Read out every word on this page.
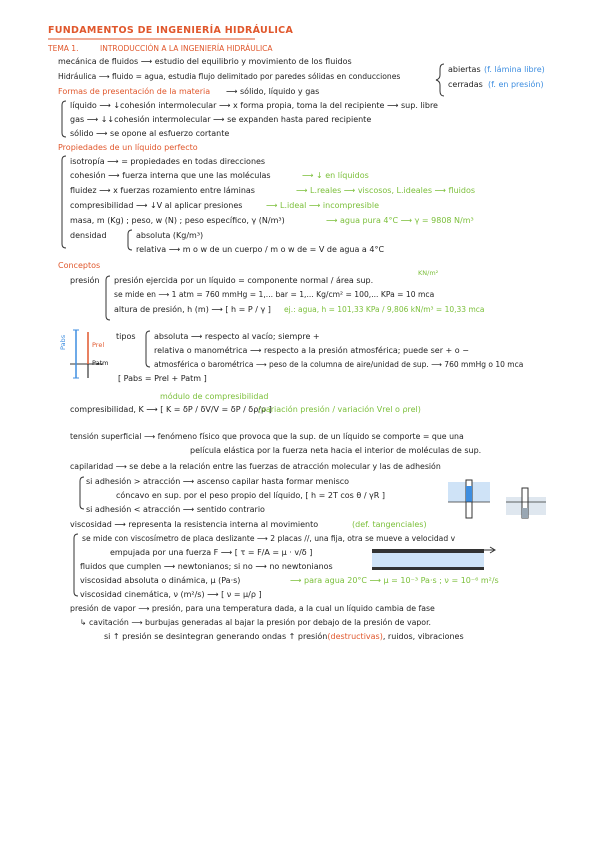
FUNDAMENTOS DE INGENIERÍA HIDRÁULICA
TEMA 1.	INTRODUCCIÓN A LA INGENIERÍA HIDRÁULICA
mecánica de fluidos ⟶ estudio del equilibrio y movimiento de los fluidos
Hidráulica ⟶ fluido = agua, estudia flujo delimitado por paredes sólidas en conducciones
abiertas (f. lámina libre)
cerradas (f. en presión)
Formas de presentación de la materia ⟶ sólido, líquido y gas
líquido ⟶ ↓cohesión intermolecular ⟶ x forma propia, toma la del recipiente ⟶ sup. libre
gas ⟶ ↓↓cohesión intermolecular ⟶ se expanden hasta pared recipiente
sólido ⟶ se opone al esfuerzo cortante
Propiedades de un líquido perfecto
isotropía ⟶ = propiedades en todas direcciones
cohesión ⟶ fuerza interna que une las moléculas	⟶ ↓ en líquidos
fluidez ⟶ x fuerzas rozamiento entre láminas	⟶ L.reales ⟶ viscosos, L.ideales ⟶ fluidos
compresibilidad ⟶ ↓V al aplicar presiones	⟶ L.ideal ⟶ incompresible
masa, m (Kg) ; peso, w (N) ; peso específico, γ (N/m³)	⟶ agua pura 4°C ⟶ γ = 9808 N/m³
densidad	absoluta (Kg/m³)
relativa ⟶ m o w de un cuerpo / m o w de = V de agua a 4°C
Conceptos
presión presión ejercida por un líquido = componente normal / área sup.
KN/m²
se mide en ⟶ 1 atm = 760 mmHg = 1,... bar = 1,... Kg/cm² = 100,... KPa = 10 mca
altura de presión, h (m) ⟶ [ h = P / γ ] ej.: agua, h = 101,33 KPa / 9,806 kN/m³ = 10,33 mca
tipos absoluta ⟶ respecto al vacío; siempre +
relativa o manométrica ⟶ respecto a la presión atmosférica; puede ser + o −
atmosférica o barométrica ⟶ peso de la columna de aire/unidad de sup. ⟶ 760 mmHg o 10 mca
[ Pabs = Prel + Patm ]
Pabs	Prel
Patm
módulo de compresibilidad
compresibilidad, K ⟶ [ K = δP / δV/V = δP / δρ/ρ ]
(variación presión / variación Vrel o ρrel)
tensión superficial ⟶ fenómeno físico que provoca que la sup. de un líquido se comporte = que una
película elástica por la fuerza neta hacia el interior de moléculas de sup.
capilaridad ⟶ se debe a la relación entre las fuerzas de atracción molecular y las de adhesión
si adhesión > atracción ⟶ ascenso capilar hasta formar menisco
cóncavo en sup. por el peso propio del líquido, [ h = 2T cos θ / γR ]
si adhesión < atracción ⟶ sentido contrario
viscosidad ⟶ representa la resistencia interna al movimiento	(def. tangenciales)
se mide con viscosímetro de placa deslizante ⟶ 2 placas //, una fija, otra se mueve a velocidad v
empujada por una fuerza F ⟶ [ τ = F/A = μ · v/δ ]
fluidos que cumplen ⟶ newtonianos; si no ⟶ no newtonianos
viscosidad absoluta o dinámica, μ (Pa·s)	⟶ para agua 20°C ⟶ μ = 10⁻³ Pa·s ; ν = 10⁻⁶ m²/s
viscosidad cinemática, ν (m²/s) ⟶ [ ν = μ/ρ ]
presión de vapor ⟶ presión, para una temperatura dada, a la cual un líquido cambia de fase
↳ cavitación ⟶ burbujas generadas al bajar la presión por debajo de la presión de vapor.
si ↑ presión se desintegran generando ondas ↑ presión(destructivas), ruidos, vibraciones
